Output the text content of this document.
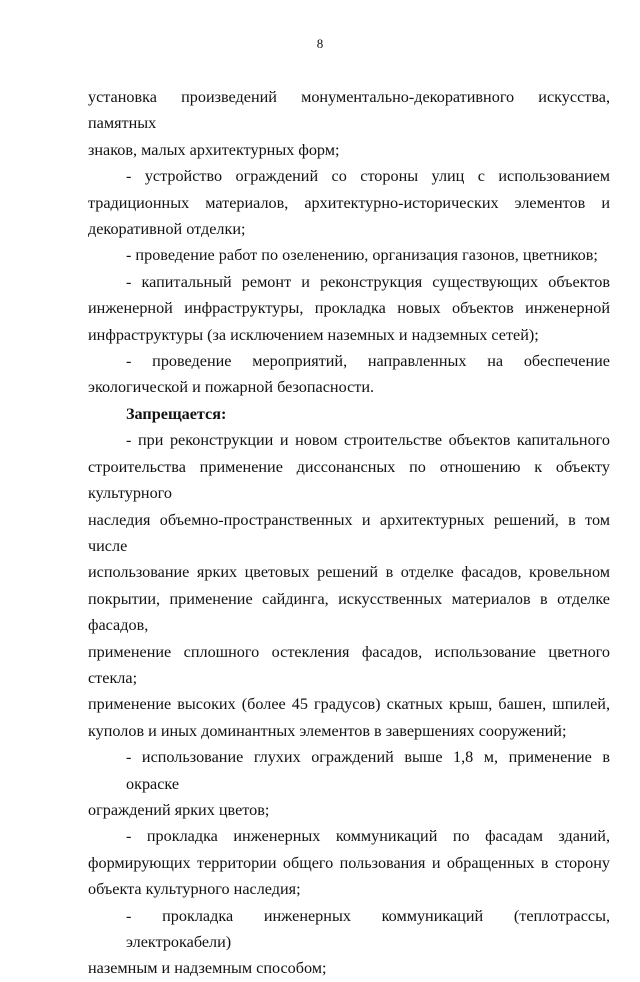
8
установка произведений монументально-декоративного искусства, памятных
знаков, малых архитектурных форм;
- устройство ограждений со стороны улиц с использованием
традиционных материалов, архитектурно-исторических элементов и
декоративной отделки;
- проведение работ по озеленению, организация газонов, цветников;
- капитальный ремонт и реконструкция существующих объектов
инженерной инфраструктуры, прокладка новых объектов инженерной
инфраструктуры (за исключением наземных и надземных сетей);
- проведение мероприятий, направленных на обеспечение
экологической и пожарной безопасности.
Запрещается:
- при реконструкции и новом строительстве объектов капитального
строительства применение диссонансных по отношению к объекту культурного
наследия объемно-пространственных и архитектурных решений, в том числе
использование ярких цветовых решений в отделке фасадов, кровельном
покрытии, применение сайдинга, искусственных материалов в отделке фасадов,
применение сплошного остекления фасадов, использование цветного стекла;
применение высоких (более 45 градусов) скатных крыш, башен, шпилей,
куполов и иных доминантных элементов в завершениях сооружений;
- использование глухих ограждений выше 1,8 м, применение в окраске
ограждений ярких цветов;
- прокладка инженерных коммуникаций по фасадам зданий,
формирующих территории общего пользования и обращенных в сторону
объекта культурного наследия;
- прокладка инженерных коммуникаций (теплотрассы, электрокабели)
наземным и надземным способом;
